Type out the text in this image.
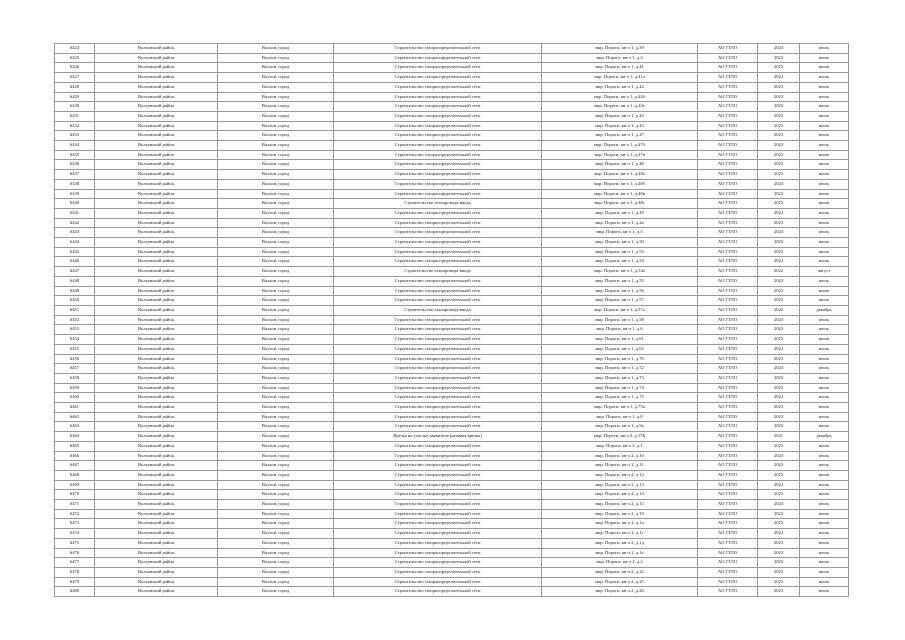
6424	Волховский район	Волхов, город	Строительство газораспределительной сети	мкр. Пороги, кв-л 1, д.39	АО ГТЛО	2023	июль
6425	Волховский район	Волхов, город	Строительство газораспределительной сети	мкр. Пороги, кв-л 1, д.4	АО ГТЛО	2023	июль
6426	Волховский район	Волхов, город	Строительство газораспределительной сети	мкр. Пороги, кв-л 1, д.41	АО ГТЛО	2023	июль
6427	Волховский район	Волхов, город	Строительство газораспределительной сети	мкр. Пороги, кв-л 1, д.41а	АО ГТЛО	2023	июль
6428	Волховский район	Волхов, город	Строительство газораспределительной сети	мкр. Пороги, кв-л 1, д.42	АО ГТЛО	2023	июль
6429	Волховский район	Волхов, город	Строительство газораспределительной сети	мкр. Пороги, кв-л 1, д.42б	АО ГТЛО	2023	июль
6430	Волховский район	Волхов, город	Строительство газораспределительной сети	мкр. Пороги, кв-л 1, д.43г	АО ГТЛО	2023	июль
6431	Волховский район	Волхов, город	Строительство газораспределительной сети	мкр. Пороги, кв-л 1, д.44	АО ГТЛО	2023	июль
6432	Волховский район	Волхов, город	Строительство газораспределительной сети	мкр. Пороги, кв-л 1, д.45	АО ГТЛО	2023	июль
6433	Волховский район	Волхов, город	Строительство газораспределительной сети	мкр. Пороги, кв-л 1, д.47	АО ГТЛО	2023	июль
6434	Волховский район	Волхов, город	Строительство газораспределительной сети	мкр. Пороги, кв-л 1, д.47б	АО ГТЛО	2023	июль
6435	Волховский район	Волхов, город	Строительство газораспределительной сети	мкр. Пороги, кв-л 1, д.47в	АО ГТЛО	2023	июль
6436	Волховский район	Волхов, город	Строительство газораспределительной сети	мкр. Пороги, кв-л 1, д.48	АО ГТЛО	2023	июль
6437	Волховский район	Волхов, город	Строительство газораспределительной сети	мкр. Пороги, кв-л 1, д.48а	АО ГТЛО	2023	июль
6438	Волховский район	Волхов, город	Строительство газораспределительной сети	мкр. Пороги, кв-л 1, д.48б	АО ГТЛО	2023	июль
6439	Волховский район	Волхов, город	Строительство газораспределительной сети	мкр. Пороги, кв-л 1, д.48в	АО ГТЛО	2023	июль
6440	Волховский район	Волхов, город	Строительство газопровода-ввода	мкр. Пороги, кв-л 1, д.48г	АО ГТЛО	2023	июль
6441	Волховский район	Волхов, город	Строительство газораспределительной сети	мкр. Пороги, кв-л 1, д.49	АО ГТЛО	2023	июль
6442	Волховский район	Волхов, город	Строительство газораспределительной сети	мкр. Пороги, кв-л 1, д.4а	АО ГТЛО	2023	июль
6443	Волховский район	Волхов, город	Строительство газораспределительной сети	мкр. Пороги, кв-л 1, д.5	АО ГТЛО	2023	июль
6444	Волховский район	Волхов, город	Строительство газораспределительной сети	мкр. Пороги, кв-л 1, д.50	АО ГТЛО	2023	июль
6445	Волховский район	Волхов, город	Строительство газораспределительной сети	мкр. Пороги, кв-л 1, д.53	АО ГТЛО	2023	июль
6446	Волховский район	Волхов, город	Строительство газораспределительной сети	мкр. Пороги, кв-л 1, д.54	АО ГТЛО	2023	июль
6447	Волховский район	Волхов, город	Строительство газопровода-ввода	мкр. Пороги, кв-л 1, д.54а	АО ГТЛО	2022	август
6448	Волховский район	Волхов, город	Строительство газораспределительной сети	мкр. Пороги, кв-л 1, д.55	АО ГТЛО	2023	июль
6449	Волховский район	Волхов, город	Строительство газораспределительной сети	мкр. Пороги, кв-л 1, д.56	АО ГТЛО	2023	июль
6450	Волховский район	Волхов, город	Строительство газораспределительной сети	мкр. Пороги, кв-л 1, д.57	АО ГТЛО	2023	июль
6451	Волховский район	Волхов, город	Строительство газопровода-ввода	мкр. Пороги, кв-л 1, д.57а	АО ГТЛО	2022	декабрь
6452	Волховский район	Волхов, город	Строительство газораспределительной сети	мкр. Пороги, кв-л 1, д.58	АО ГТЛО	2023	июль
6453	Волховский район	Волхов, город	Строительство газораспределительной сети	мкр. Пороги, кв-л 1, д.6	АО ГТЛО	2023	июль
6454	Волховский район	Волхов, город	Строительство газораспределительной сети	мкр. Пороги, кв-л 1, д.61	АО ГТЛО	2023	июль
6455	Волховский район	Волхов, город	Строительство газораспределительной сети	мкр. Пороги, кв-л 1, д.62	АО ГТЛО	2023	июль
6456	Волховский район	Волхов, город	Строительство газораспределительной сети	мкр. Пороги, кв-л 1, д.70	АО ГТЛО	2023	июль
6457	Волховский район	Волхов, город	Строительство газораспределительной сети	мкр. Пороги, кв-л 1, д.72	АО ГТЛО	2023	июль
6458	Волховский район	Волхов, город	Строительство газораспределительной сети	мкр. Пороги, кв-л 1, д.73	АО ГТЛО	2023	июль
6459	Волховский район	Волхов, город	Строительство газораспределительной сети	мкр. Пороги, кв-л 1, д.74	АО ГТЛО	2023	июль
6460	Волховский район	Волхов, город	Строительство газораспределительной сети	мкр. Пороги, кв-л 1, д.75	АО ГТЛО	2023	июль
6461	Волховский район	Волхов, город	Строительство газораспределительной сети	мкр. Пороги, кв-л 1, д.75а	АО ГТЛО	2023	июль
6462	Волховский район	Волхов, город	Строительство газораспределительной сети	мкр. Пороги, кв-л 1, д.8	АО ГТЛО	2023	июль
6463	Волховский район	Волхов, город	Строительство газораспределительной сети	мкр. Пороги, кв-л 1, д.9а	АО ГТЛО	2023	июль
6464	Волховский район	Волхов, город	Врезка на участке заявителя (нулевая врезка)	мкр. Пороги, кв-л 2, д.17Б	АО ГТЛО	2021	декабрь
6465	Волховский район	Волхов, город	Строительство газораспределительной сети	мкр. Пороги, кв-л 2, д.1	АО ГТЛО	2023	июль
6466	Волховский район	Волхов, город	Строительство газораспределительной сети	мкр. Пороги, кв-л 2, д.10	АО ГТЛО	2023	июль
6467	Волховский район	Волхов, город	Строительство газораспределительной сети	мкр. Пороги, кв-л 2, д.11	АО ГТЛО	2023	июль
6468	Волховский район	Волхов, город	Строительство газораспределительной сети	мкр. Пороги, кв-л 2, д.12	АО ГТЛО	2023	июль
6469	Волховский район	Волхов, город	Строительство газораспределительной сети	мкр. Пороги, кв-л 2, д.13	АО ГТЛО	2023	июль
6470	Волховский район	Волхов, город	Строительство газораспределительной сети	мкр. Пороги, кв-л 2, д.14	АО ГТЛО	2023	июль
6471	Волховский район	Волхов, город	Строительство газораспределительной сети	мкр. Пороги, кв-л 2, д.15	АО ГТЛО	2023	июль
6472	Волховский район	Волхов, город	Строительство газораспределительной сети	мкр. Пороги, кв-л 2, д.19	АО ГТЛО	2023	июль
6473	Волховский район	Волхов, город	Строительство газораспределительной сети	мкр. Пороги, кв-л 2, д.1а	АО ГТЛО	2023	июль
6474	Волховский район	Волхов, город	Строительство газораспределительной сети	мкр. Пороги, кв-л 2, д.1г	АО ГТЛО	2023	июль
6475	Волховский район	Волхов, город	Строительство газораспределительной сети	мкр. Пороги, кв-л 2, д.1д	АО ГТЛО	2023	июль
6476	Волховский район	Волхов, город	Строительство газораспределительной сети	мкр. Пороги, кв-л 2, д.1е	АО ГТЛО	2023	июль
6477	Волховский район	Волхов, город	Строительство газораспределительной сети	мкр. Пороги, кв-л 2, д.2	АО ГТЛО	2023	июль
6478	Волховский район	Волхов, город	Строительство газораспределительной сети	мкр. Пороги, кв-л 2, д.22	АО ГТЛО	2023	июль
6479	Волховский район	Волхов, город	Строительство газораспределительной сети	мкр. Пороги, кв-л 2, д.25	АО ГТЛО	2023	июль
6480	Волховский район	Волхов, город	Строительство газораспределительной сети	мкр. Пороги, кв-л 2, д.26	АО ГТЛО	2023	июль
